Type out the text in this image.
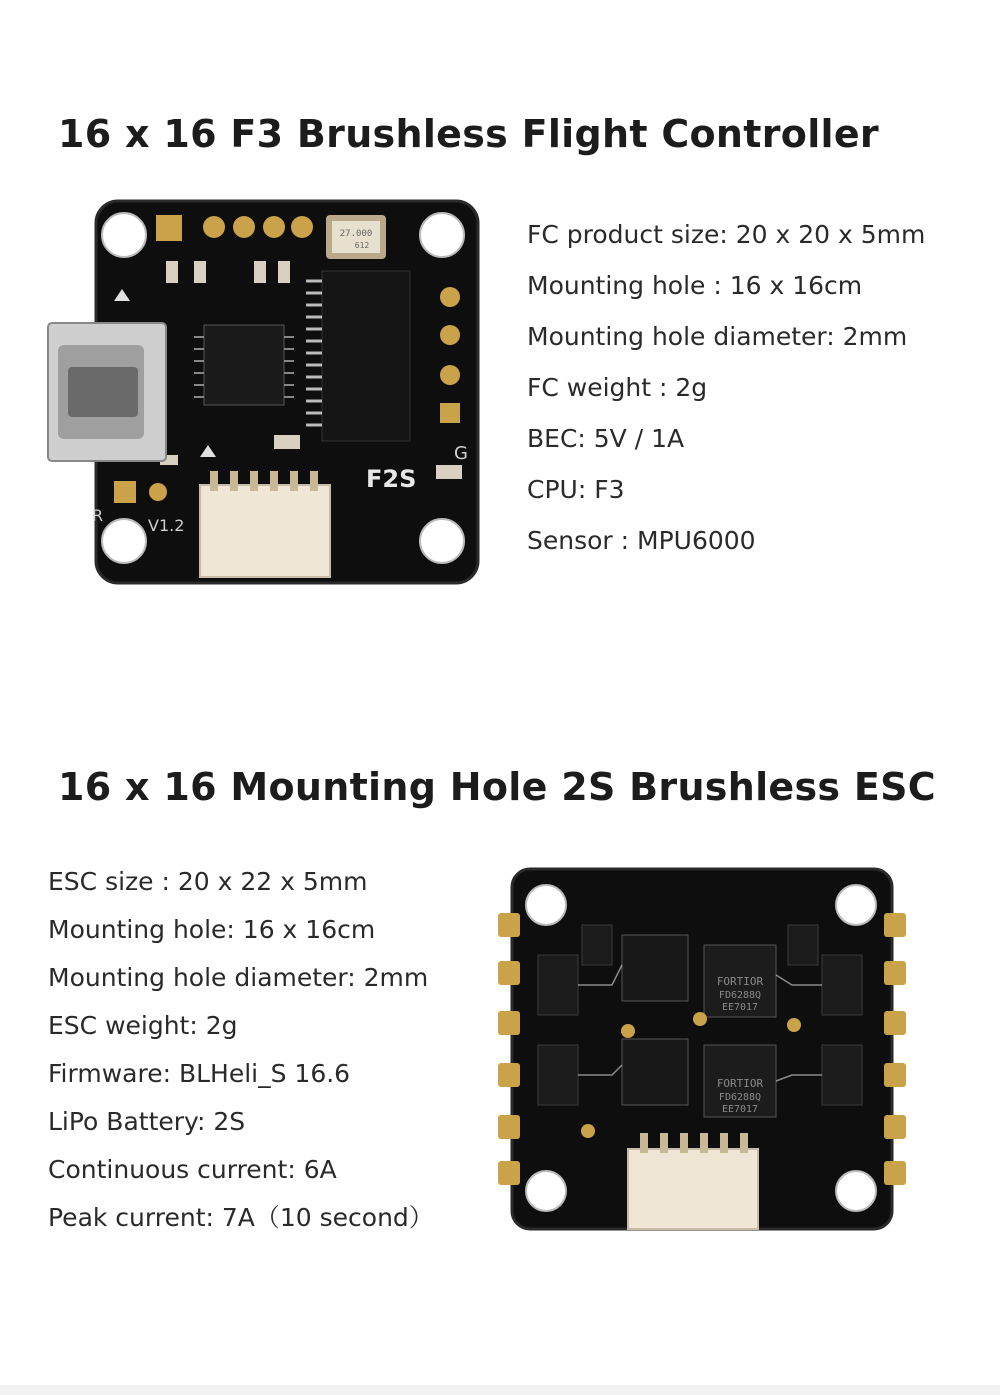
16 x 16 F3 Brushless Flight Controller
27.000
612
F2S
V1.2
G
R
FC product size: 20 x 20 x 5mm
Mounting hole : 16 x 16cm
Mounting hole diameter: 2mm
FC weight : 2g
BEC: 5V / 1A
CPU: F3
Sensor : MPU6000
16 x 16 Mounting Hole 2S Brushless ESC
ESC size : 20 x 22 x 5mm
Mounting hole: 16 x 16cm
Mounting hole diameter: 2mm
ESC weight: 2g
Firmware: BLHeli_S 16.6
LiPo Battery: 2S
Continuous current: 6A
Peak current: 7A（10 second）
FORTIOR
FD6288Q
EE7017
FORTIOR
FD6288Q
EE7017
